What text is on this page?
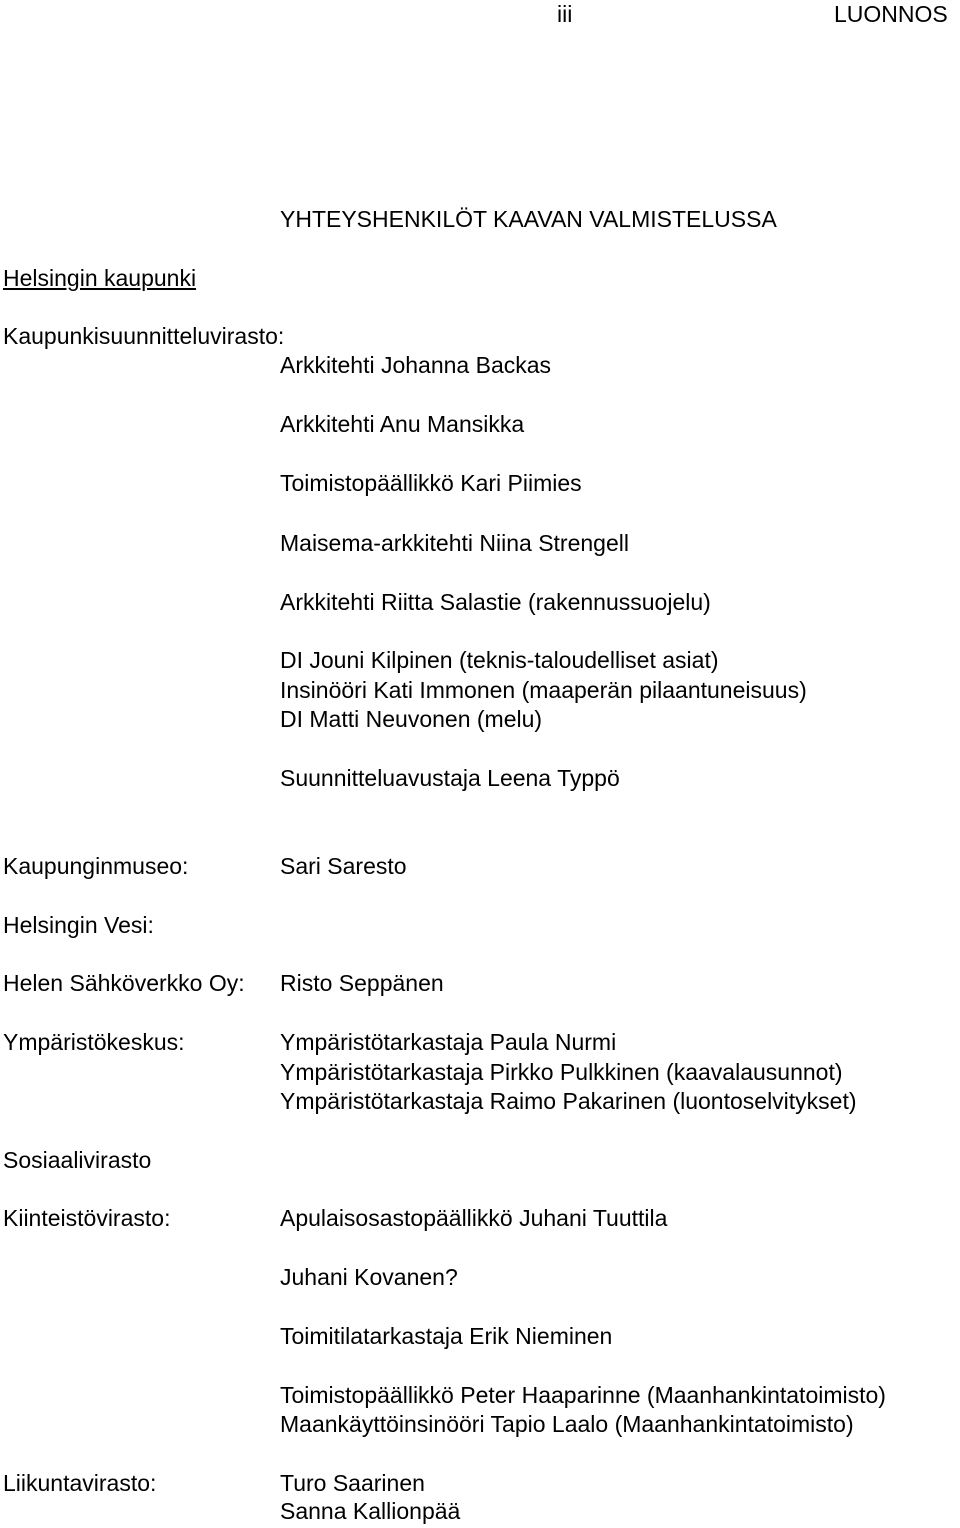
iii	LUONNOS
YHTEYSHENKILÖT KAAVAN VALMISTELUSSA
Helsingin kaupunki
Kaupunkisuunnitteluvirasto:
Arkkitehti Johanna Backas
Arkkitehti Anu Mansikka
Toimistopäällikkö Kari Piimies
Maisema-arkkitehti Niina Strengell
Arkkitehti Riitta Salastie (rakennussuojelu)
DI Jouni Kilpinen (teknis-taloudelliset asiat)
Insinööri Kati Immonen (maaperän pilaantuneisuus)
DI Matti Neuvonen (melu)
Suunnitteluavustaja Leena Typpö
Kaupunginmuseo:	Sari Saresto
Helsingin Vesi:
Helen Sähköverkko Oy: Risto Seppänen
Ympäristökeskus:	Ympäristötarkastaja Paula Nurmi
Ympäristötarkastaja Pirkko Pulkkinen (kaavalausunnot)
Ympäristötarkastaja Raimo Pakarinen (luontoselvitykset)
Sosiaalivirasto
Kiinteistövirasto:	Apulaisosastopäällikkö Juhani Tuuttila
Juhani Kovanen?
Toimitilatarkastaja Erik Nieminen
Toimistopäällikkö Peter Haaparinne (Maanhankintatoimisto)
Maankäyttöinsinööri Tapio Laalo (Maanhankintatoimisto)
Liikuntavirasto:	Turo Saarinen
Sanna Kallionpää
